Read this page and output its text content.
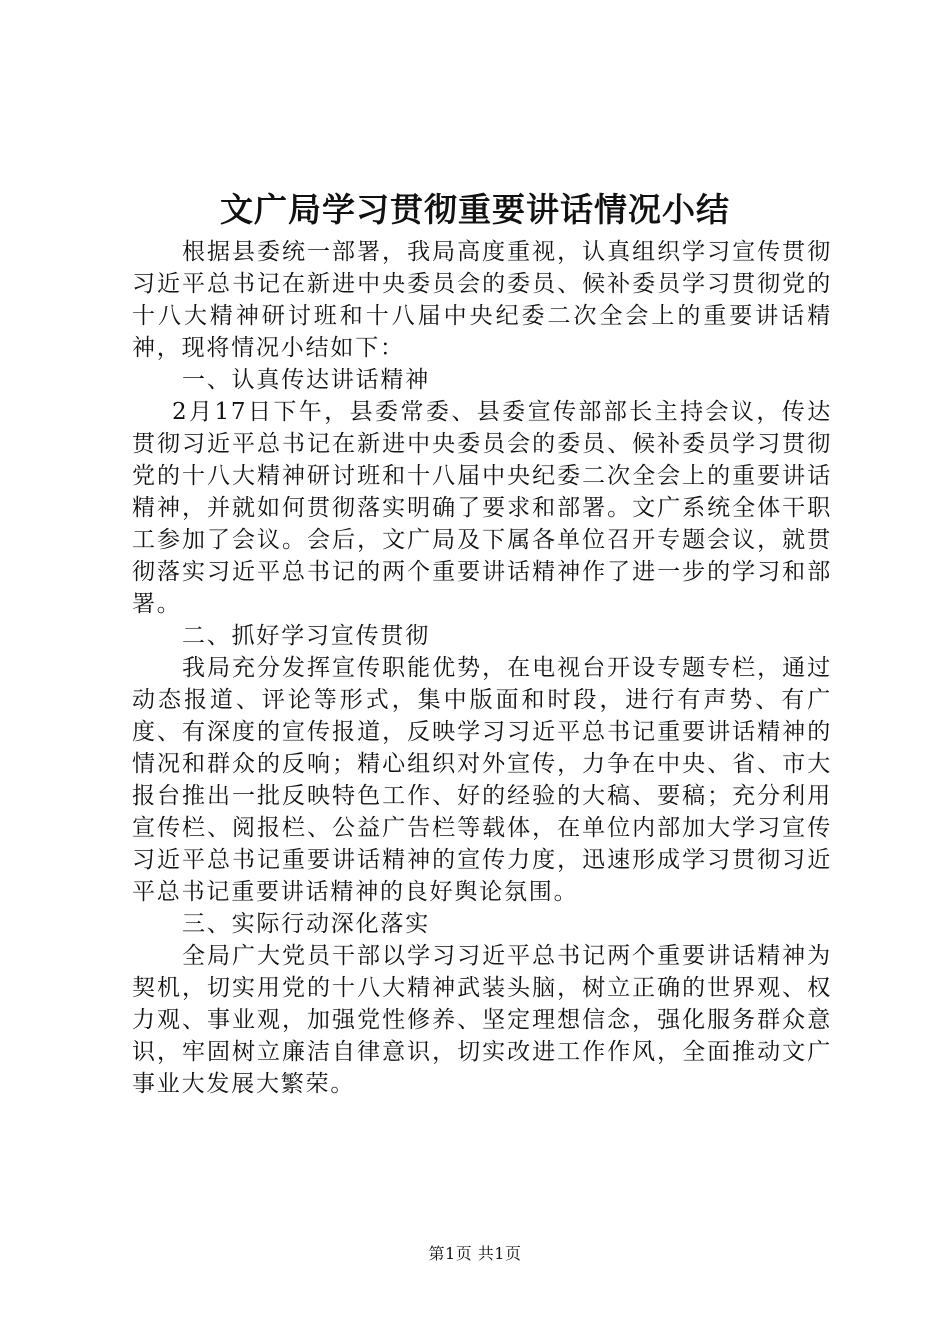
文广局学习贯彻重要讲话情况小结

根据县委统一部署，我局高度重视，认真组织学习宣传贯彻习近平总书记在新进中央委员会的委员、候补委员学习贯彻党的十八大精神研讨班和十八届中央纪委二次全会上的重要讲话精神，现将情况小结如下：

一、认真传达讲话精神

2月17日下午，县委常委、县委宣传部部长主持会议，传达贯彻习近平总书记在新进中央委员会的委员、候补委员学习贯彻党的十八大精神研讨班和十八届中央纪委二次全会上的重要讲话精神，并就如何贯彻落实明确了要求和部署。文广系统全体干职工参加了会议。会后，文广局及下属各单位召开专题会议，就贯彻落实习近平总书记的两个重要讲话精神作了进一步的学习和部署。

二、抓好学习宣传贯彻

我局充分发挥宣传职能优势，在电视台开设专题专栏，通过动态报道、评论等形式，集中版面和时段，进行有声势、有广度、有深度的宣传报道，反映学习习近平总书记重要讲话精神的情况和群众的反响；精心组织对外宣传，力争在中央、省、市大报台推出一批反映特色工作、好的经验的大稿、要稿；充分利用宣传栏、阅报栏、公益广告栏等载体，在单位内部加大学习宣传习近平总书记重要讲话精神的宣传力度，迅速形成学习贯彻习近平总书记重要讲话精神的良好舆论氛围。

三、实际行动深化落实

全局广大党员干部以学习习近平总书记两个重要讲话精神为契机，切实用党的十八大精神武装头脑，树立正确的世界观、权力观、事业观，加强党性修养、坚定理想信念，强化服务群众意识，牢固树立廉洁自律意识，切实改进工作作风，全面推动文广事业大发展大繁荣。

第1页 共1页
